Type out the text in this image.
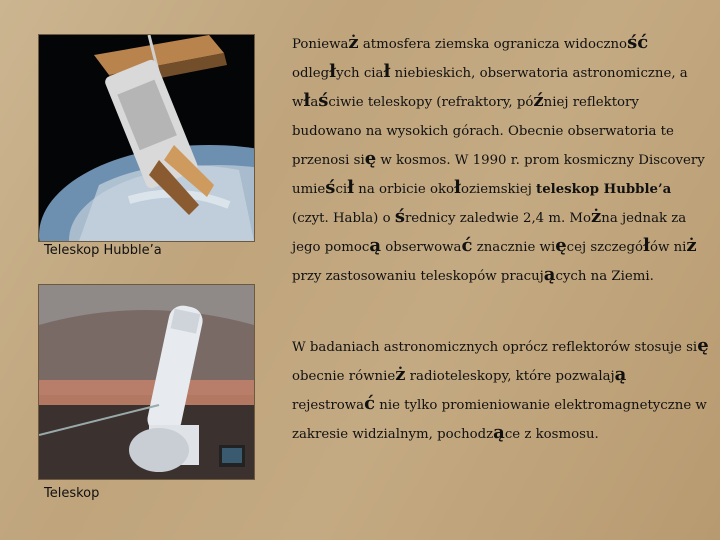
Teleskop Hubble’a
Teleskop

Ponieważ atmosfera ziemska ogranicza widoczność odległych ciał niebieskich, obserwatoria astronomiczne, a właściwie teleskopy (refraktory, później reflektory budowano na wysokich górach. Obecnie obserwatoria te przenosi się w kosmos. W 1990 r. prom kosmiczny Discovery umieścił na orbicie okołoziemskiej teleskop Hubble’a (czyt. Habla) o średnicy zaledwie 2,4 m. Można jednak za jego pomocą obserwować znacznie więcej szczegółów niż przy zastosowaniu teleskopów pracujących na Ziemi.

W badaniach astronomicznych oprócz reflektorów stosuje się obecnie również radioteleskopy, które pozwalają rejestrować nie tylko promieniowanie elektromagnetyczne w zakresie widzialnym, pochodzące z kosmosu.
